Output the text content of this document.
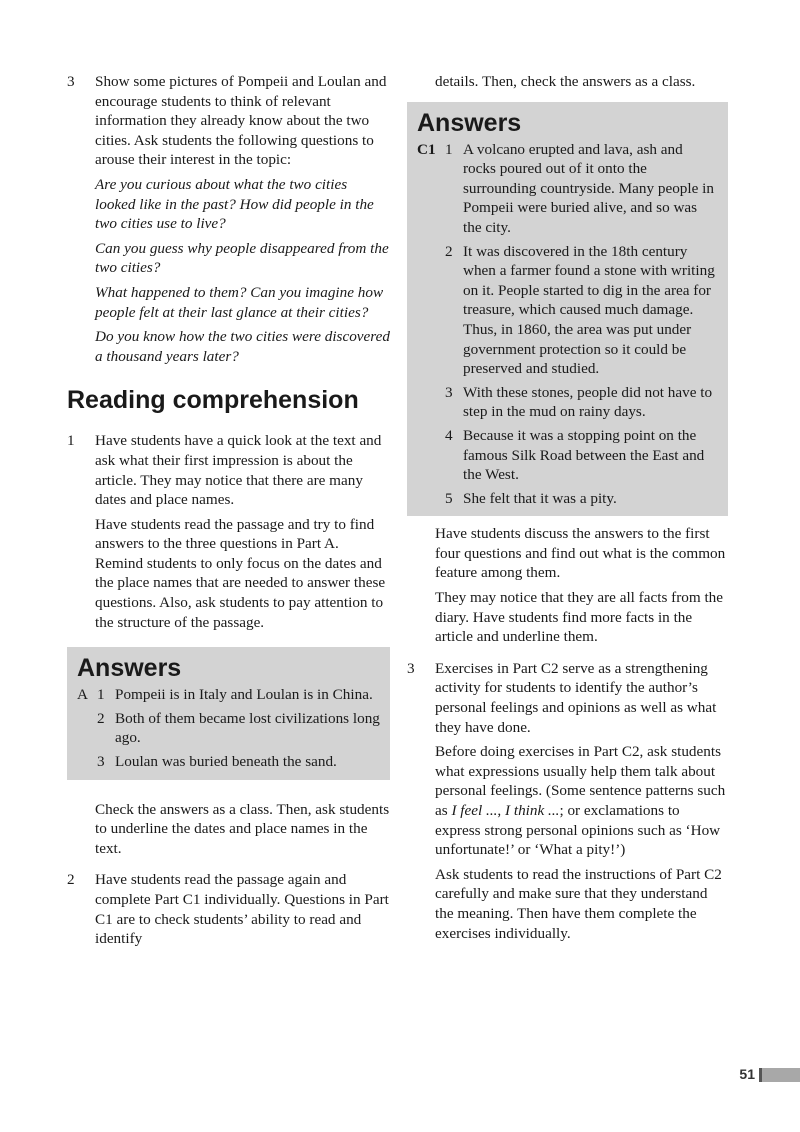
3	Show some pictures of Pompeii and Loulan and encourage students to think of relevant information they already know about the two cities. Ask students the following questions to arouse their interest in the topic:

Are you curious about what the two cities looked like in the past? How did people in the two cities use to live?

Can you guess why people disappeared from the two cities?

What happened to them? Can you imagine how people felt at their last glance at their cities?

Do you know how the two cities were discovered a thousand years later?

Reading comprehension
1	Have students have a quick look at the text and ask what their first impression is about the article. They may notice that there are many dates and place names.

Have students read the passage and try to find answers to the three questions in Part A. Remind students to only focus on the dates and the place names that are needed to answer these questions. Also, ask students to pay attention to the structure of the passage.

Answers
A 1 Pompeii is in Italy and Loulan is in China.
2 Both of them became lost civilizations long ago.
3 Loulan was buried beneath the sand.

Check the answers as a class. Then, ask students to underline the dates and place names in the text.

2	Have students read the passage again and complete Part C1 individually. Questions in Part C1 are to check students’ ability to read and identify

details. Then, check the answers as a class.

Answers
C1 1 A volcano erupted and lava, ash and rocks poured out of it onto the surrounding countryside. Many people in Pompeii were buried alive, and so was the city.
2 It was discovered in the 18th century when a farmer found a stone with writing on it. People started to dig in the area for treasure, which caused much damage. Thus, in 1860, the area was put under government protection so it could be preserved and studied.
3 With these stones, people did not have to step in the mud on rainy days.
4 Because it was a stopping point on the famous Silk Road between the East and the West.
5 She felt that it was a pity.

Have students discuss the answers to the first four questions and find out what is the common feature among them.

They may notice that they are all facts from the diary. Have students find more facts in the article and underline them.

3	Exercises in Part C2 serve as a strengthening activity for students to identify the author’s personal feelings and opinions as well as what they have done.

Before doing exercises in Part C2, ask students what expressions usually help them talk about personal feelings. (Some sentence patterns such as I feel ..., I think ...; or exclamations to express strong personal opinions such as ‘How unfortunate!’ or ‘What a pity!’)

Ask students to read the instructions of Part C2 carefully and make sure that they understand the meaning. Then have them complete the exercises individually.

51
